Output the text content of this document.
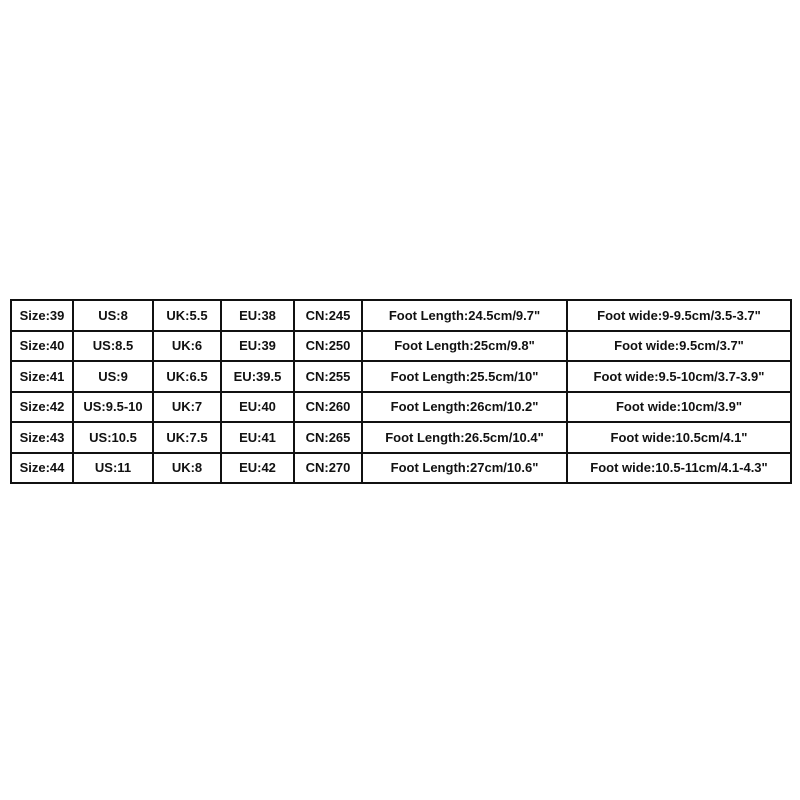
Size:39	US:8	UK:5.5	EU:38	CN:245	Foot Length:24.5cm/9.7"	Foot wide:9-9.5cm/3.5-3.7"
Size:40	US:8.5	UK:6	EU:39	CN:250	Foot Length:25cm/9.8"	Foot wide:9.5cm/3.7"
Size:41	US:9	UK:6.5	EU:39.5	CN:255	Foot Length:25.5cm/10"	Foot wide:9.5-10cm/3.7-3.9"
Size:42	US:9.5-10	UK:7	EU:40	CN:260	Foot Length:26cm/10.2"	Foot wide:10cm/3.9"
Size:43	US:10.5	UK:7.5	EU:41	CN:265	Foot Length:26.5cm/10.4"	Foot wide:10.5cm/4.1"
Size:44	US:11	UK:8	EU:42	CN:270	Foot Length:27cm/10.6"	Foot wide:10.5-11cm/4.1-4.3"
